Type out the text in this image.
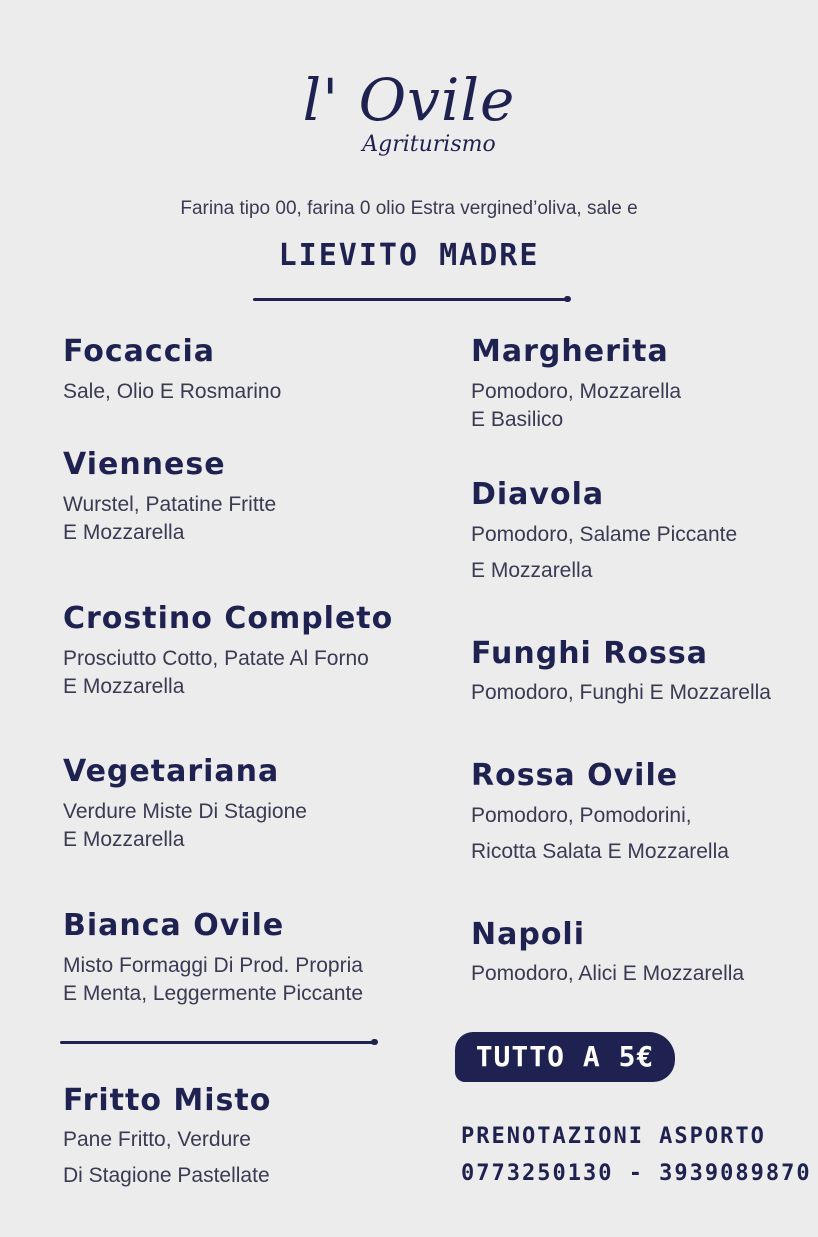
l' Ovile
Agriturismo
Farina tipo 00, farina 0 olio Estra vergined’oliva, sale e
LIEVITO MADRE
Focaccia
Sale, Olio E Rosmarino
Viennese
Wurstel, Patatine Fritte
E Mozzarella
Crostino Completo
Prosciutto Cotto, Patate Al Forno
E Mozzarella
Vegetariana
Verdure Miste Di Stagione
E Mozzarella
Bianca Ovile
Misto Formaggi Di Prod. Propria
E Menta, Leggermente Piccante
Fritto Misto
Pane Fritto, Verdure
Di Stagione Pastellate
Margherita
Pomodoro, Mozzarella
E Basilico
Diavola
Pomodoro, Salame Piccante
E Mozzarella
Funghi Rossa
Pomodoro, Funghi E Mozzarella
Rossa Ovile
Pomodoro, Pomodorini,
Ricotta Salata E Mozzarella
Napoli
Pomodoro, Alici E Mozzarella
TUTTO A 5€
PRENOTAZIONI ASPORTO
0773250130 - 3939089870
